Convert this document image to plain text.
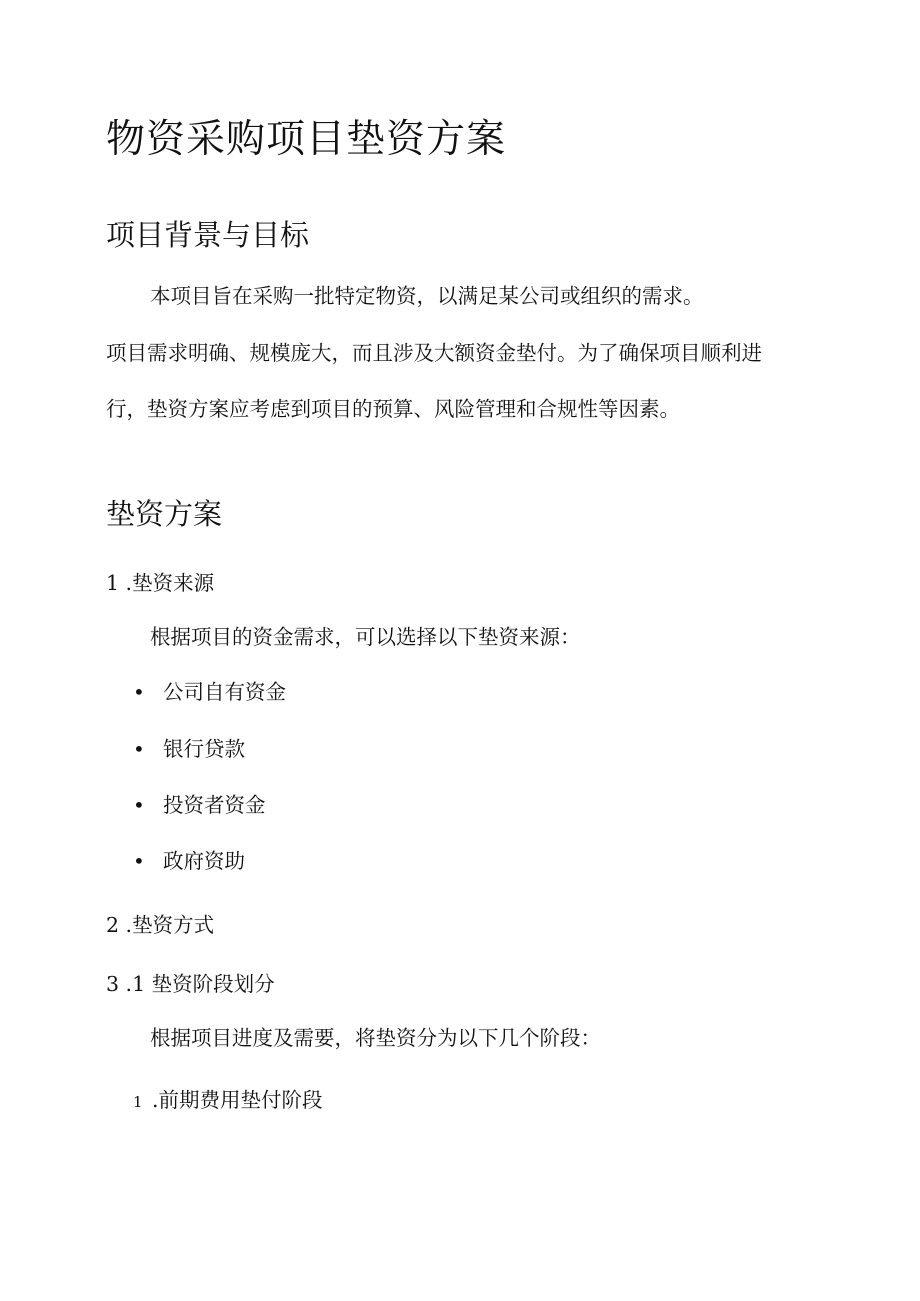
物资采购项目垫资方案
项目背景与目标

本项目旨在采购一批特定物资，以满足某公司或组织的需求。

项目需求明确、规模庞大，而且涉及大额资金垫付。为了确保项目顺利进

行，垫资方案应考虑到项目的预算、风险管理和合规性等因素。

垫资方案

1 .垫资来源

根据项目的资金需求，可以选择以下垫资来源：

• 公司自有资金

• 银行贷款

• 投资者资金

• 政府资助

2 .垫资方式

3 .1 垫资阶段划分

根据项目进度及需要，将垫资分为以下几个阶段：

1 .前期费用垫付阶段
